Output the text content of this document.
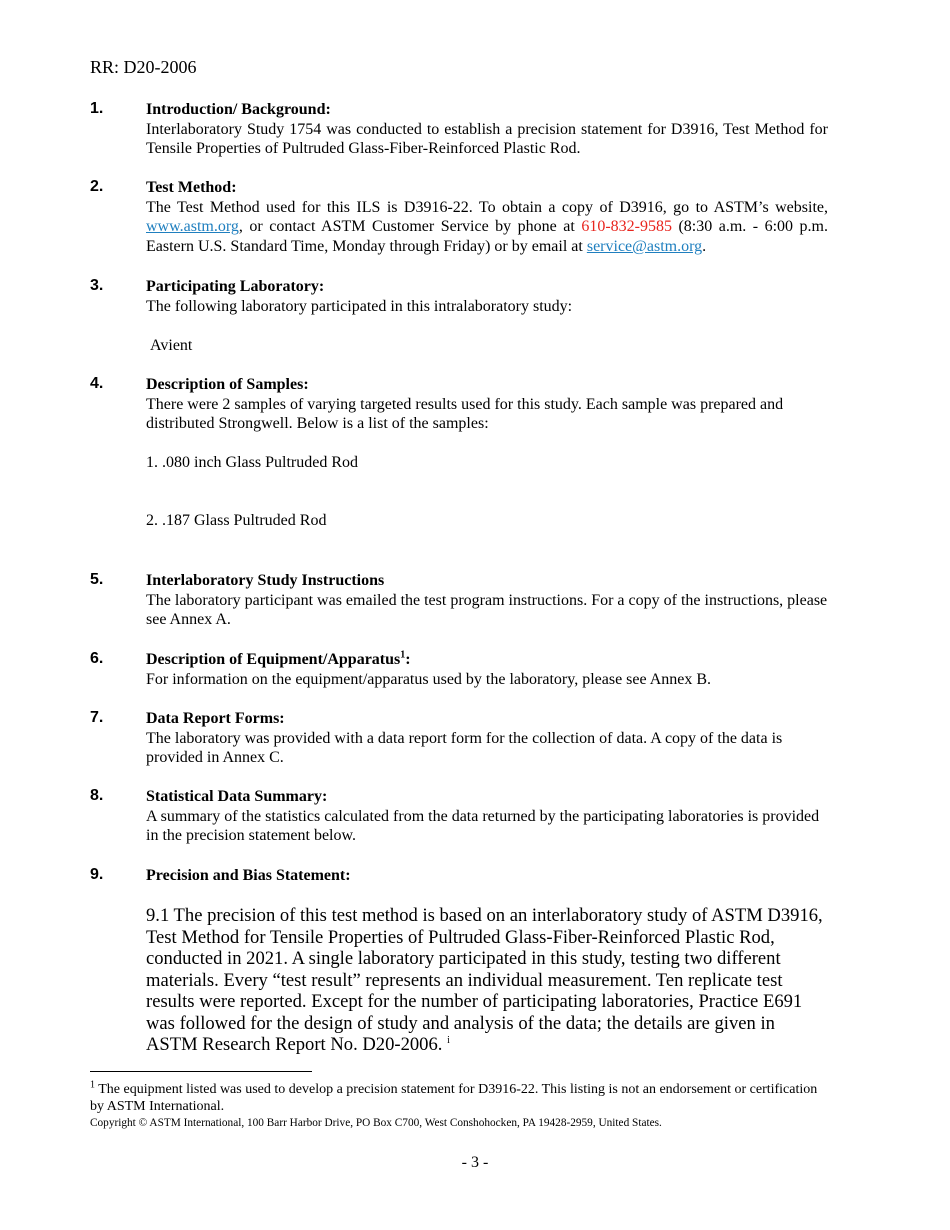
RR: D20-2006
1.	Introduction/ Background:
Interlaboratory Study 1754 was conducted to establish a precision statement for D3916, Test Method for Tensile Properties of Pultruded Glass-Fiber-Reinforced Plastic Rod.
2.	Test Method:
The Test Method used for this ILS is D3916-22. To obtain a copy of D3916, go to ASTM’s website, www.astm.org, or contact ASTM Customer Service by phone at 610-832-9585 (8:30 a.m. - 6:00 p.m. Eastern U.S. Standard Time, Monday through Friday) or by email at service@astm.org.
3.	Participating Laboratory:
The following laboratory participated in this intralaboratory study:
Avient
4.	Description of Samples:
There were 2 samples of varying targeted results used for this study. Each sample was prepared and distributed Strongwell. Below is a list of the samples:
1. .080 inch Glass Pultruded Rod
2. .187 Glass Pultruded Rod
5.	Interlaboratory Study Instructions
The laboratory participant was emailed the test program instructions. For a copy of the instructions, please see Annex A.
6.	Description of Equipment/Apparatus$^1$:
For information on the equipment/apparatus used by the laboratory, please see Annex B.
7.	Data Report Forms:
The laboratory was provided with a data report form for the collection of data. A copy of the data is provided in Annex C.
8.	Statistical Data Summary:
A summary of the statistics calculated from the data returned by the participating laboratories is provided in the precision statement below.
9.	Precision and Bias Statement:
9.1 The precision of this test method is based on an interlaboratory study of ASTM D3916, Test Method for Tensile Properties of Pultruded Glass-Fiber-Reinforced Plastic Rod, conducted in 2021. A single laboratory participated in this study, testing two different materials. Every “test result” represents an individual measurement. Ten replicate test results were reported. Except for the number of participating laboratories, Practice E691 was followed for the design of study and analysis of the data; the details are given in ASTM Research Report No. D20-2006. $^i$
$^1$ The equipment listed was used to develop a precision statement for D3916-22. This listing is not an endorsement or certification by ASTM International.
Copyright © ASTM International, 100 Barr Harbor Drive, PO Box C700, West Conshohocken, PA 19428-2959, United States.
- 3 -
